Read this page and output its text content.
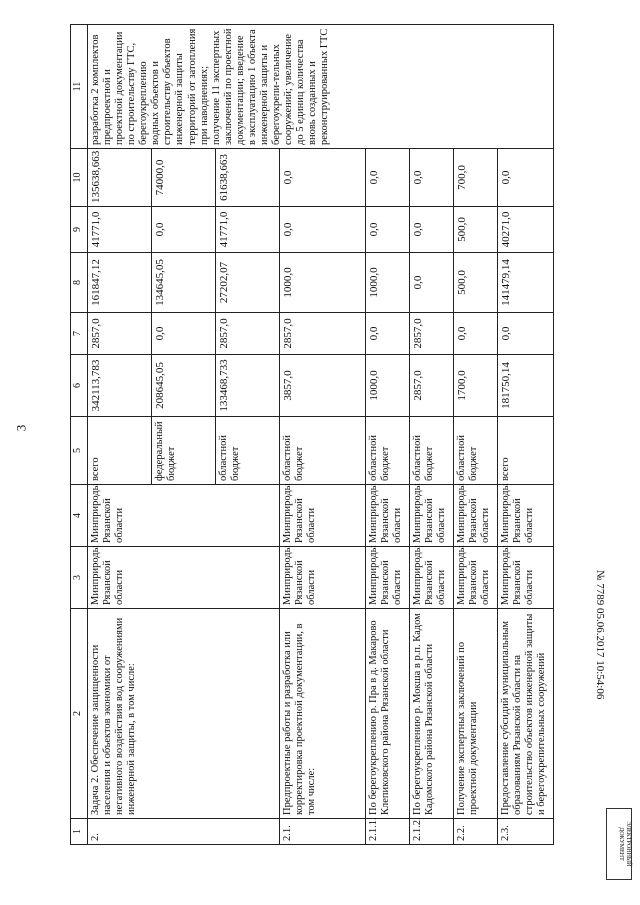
3
1	2	3	4	5	6	7	8	9	10	11
2.	Задача 2. Обеспечение защищенности населения и объектов экономики от негативного воздействия вод сооружениями инженерной защиты, в том числе:	Минприроды Рязанской области	Минприроды Рязанской области	всего	342113,783	2857,0	161847,12	41771,0	135638,663	разработка 2 комплектов предпроектной и проектной документации по строительству ГТС, берегоукреплению водных объектов и строительству объектов инженерной защиты территорий от затопления при наводнениях; получение 11 экспертных заключений по проектной документации; введение в эксплуатацию 1 объекта инженерной защиты и берегоукрепи-тельных сооружений; увеличение до 5 единиц количества вновь созданных и реконструированных ГТС
				федеральный бюджет	208645,05	0,0	134645,05	0,0	74000,0	
				областной бюджет	133468,733	2857,0	27202,07	41771,0	61638,663	
2.1.	Предпроектные работы и разработка или корректировка проектной документации, в том числе:	Минприроды Рязанской области	Минприроды Рязанской области	областной бюджет	3857,0	2857,0	1000,0	0,0	0,0	
2.1.1.	По берегоукреплению р. Пра в д. Макарово Клепиковского района Рязанской области	Минприроды Рязанской области	Минприроды Рязанской области	областной бюджет	1000,0	0,0	1000,0	0,0	0,0	
2.1.2.	По берегоукреплению р. Мокша в р.п. Кадом Кадомского района Рязанской области	Минприроды Рязанской области	Минприроды Рязанской области	областной бюджет	2857,0	2857,0	0,0	0,0	0,0	
2.2.	Получение экспертных заключений по проектной документации	Минприроды Рязанской области	Минприроды Рязанской области	областной бюджет	1700,0	0,0	500,0	500,0	700,0	
2.3.	Предоставление субсидий муниципальным образованиям Рязанской области на строительство объектов инженерной защиты и берегоукрепительных сооружений	Минприроды Рязанской области	Минприроды Рязанской области	всего	181750,14	0,0	141479,14	40271,0	0,0	
№ 7789 05.06.2017 10:54:06
ЭЛЕКТРОННЫЙ ДОКУМЕНТ
